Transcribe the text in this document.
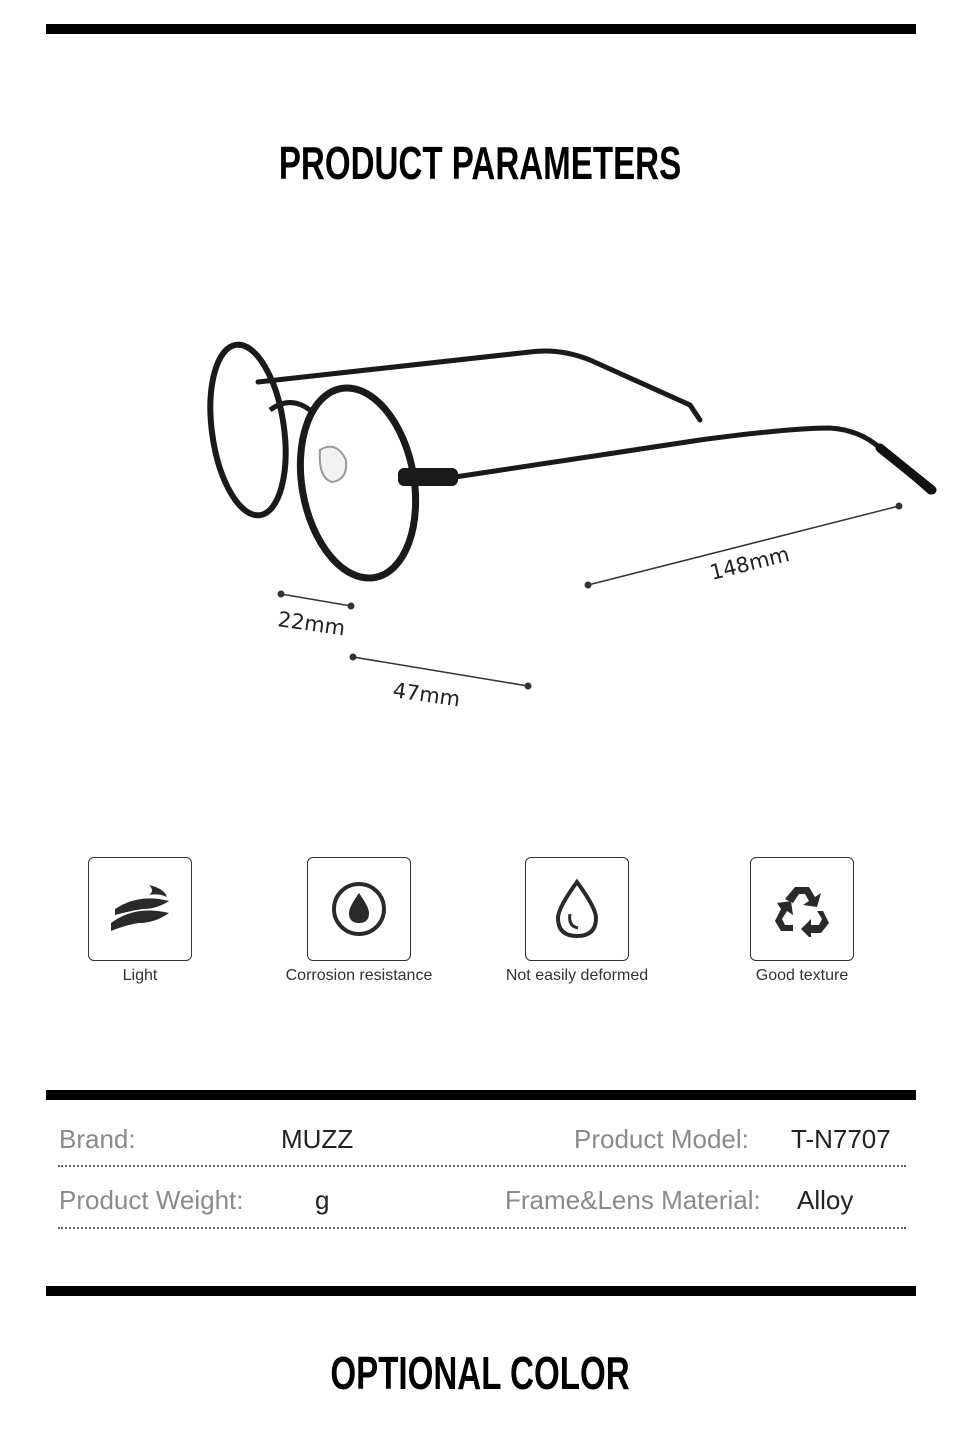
PRODUCT PARAMETERS
148mm
22mm
47mm
Light	Corrosion resistance	Not easily deformed	Good texture
Brand:	MUZZ	Product Model: T-N7707
Product Weight:	g	Frame&Lens Material: Alloy
OPTIONAL COLOR
